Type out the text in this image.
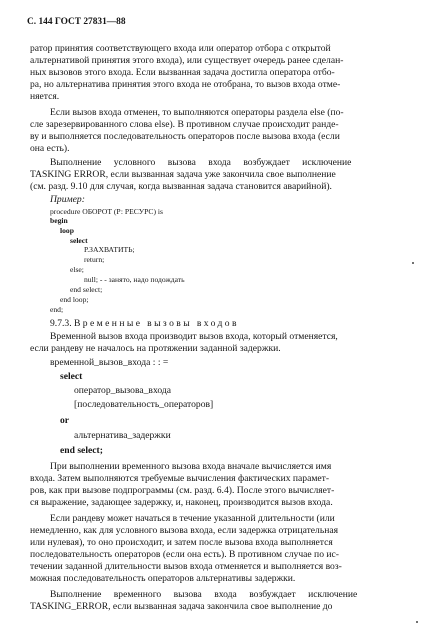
С. 144 ГОСТ 27831—88
ратор принятия соответствующего входа или оператор отбора с открытой
альтернативой принятия этого входа), или существует очередь ранее сделан-
ных вызовов этого входа. Если вызванная задача достигла оператора отбо-
ра, но альтернатива принятия этого входа не отобрана, то вызов входа отме-
няется.
Если вызов входа отменен, то выполняются операторы раздела else (по-
сле зарезервированного слова else). В противном случае происходит ранде-
ву и выполняется последовательность операторов после вызова входа (если
она есть).
Выполнение условного вызова входа возбуждает исключение
TASKING ERROR, если вызванная задача уже закончила свое выполнение
(см. разд. 9.10 для случая, когда вызванная задача становится аварийной).
Пример:
procedure ОБОРОТ (Р: РЕСУРС) is
begin
loop
select
Р.ЗАХВАТИТЬ;
return;
else;
null; - - занято, надо подождать
end select;
end loop;
end;
9.7.3. Временные вызовы входов
Временной вызов входа производит вызов входа, который отменяется,
если рандеву не началось на протяжении заданной задержки.
временной_вызов_входа : : =
select
оператор_вызова_входа
[последовательность_операторов]
or
альтернатива_задержки
end select;
При выполнении временного вызова входа вначале вычисляется имя
входа. Затем выполняются требуемые вычисления фактических парамет-
ров, как при вызове подпрограммы (см. разд. 6.4). После этого вычисляет-
ся выражение, задающее задержку, и, наконец, производится вызов входа.
Если рандеву может начаться в течение указанной длительности (или
немедленно, как для условного вызова входа, если задержка отрицательная
или нулевая), то оно происходит, и затем после вызова входа выполняется
последовательность операторов (если она есть). В противном случае по ис-
течении заданной длительности вызов входа отменяется и выполняется воз-
можная последовательность операторов альтернативы задержки.
Выполнение временного вызова входа возбуждает исключение
TASKING_ERROR, если вызванная задача закончила свое выполнение до
